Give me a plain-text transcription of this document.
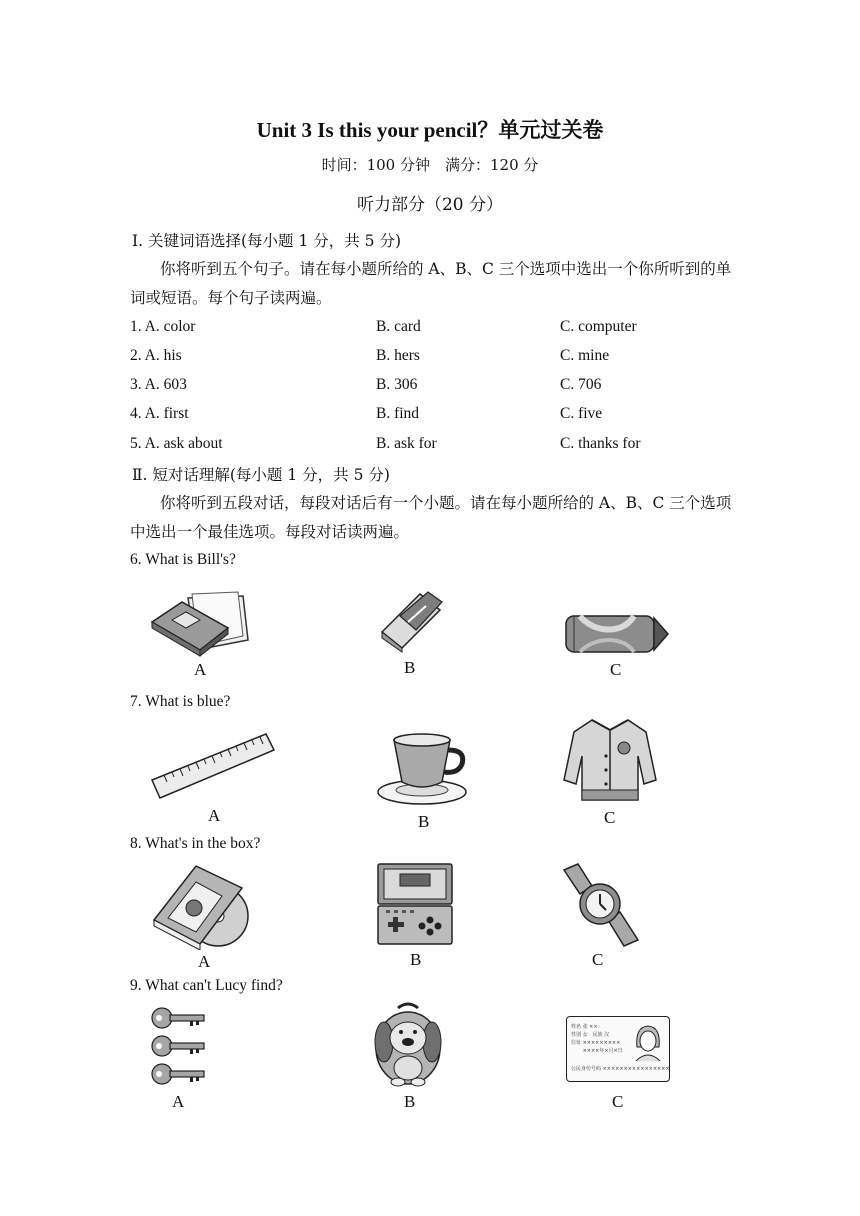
Unit 3 Is this your pencil？单元过关卷
时间：100 分钟　满分：120 分
听力部分（20 分）
Ⅰ. 关键词语选择(每小题 1 分，共 5 分)
你将听到五个句子。请在每小题所给的 A、B、C 三个选项中选出一个你所听到的单词或短语。每个句子读两遍。
1. A. color	B. card	C. computer
2. A. his	B. hers	C. mine
3. A. 603	B. 306	C. 706
4. A. first	B. find	C. five
5. A. ask about	B. ask for	C. thanks for
Ⅱ. 短对话理解(每小题 1 分，共 5 分)
你将听到五段对话，每段对话后有一个小题。请在每小题所给的 A、B、C 三个选项中选出一个最佳选项。每段对话读两遍。
6. What is Bill's?
A	B	C
7. What is blue?
A	B	C
8. What's in the box?
A	B	C
9. What can't Lucy find?
A	B
姓名 张 ××
性别 女　民族 汉
住址 ×××××××××
　　 ××××年×月×日
公民身份号码 ××××××××××××××××
C
